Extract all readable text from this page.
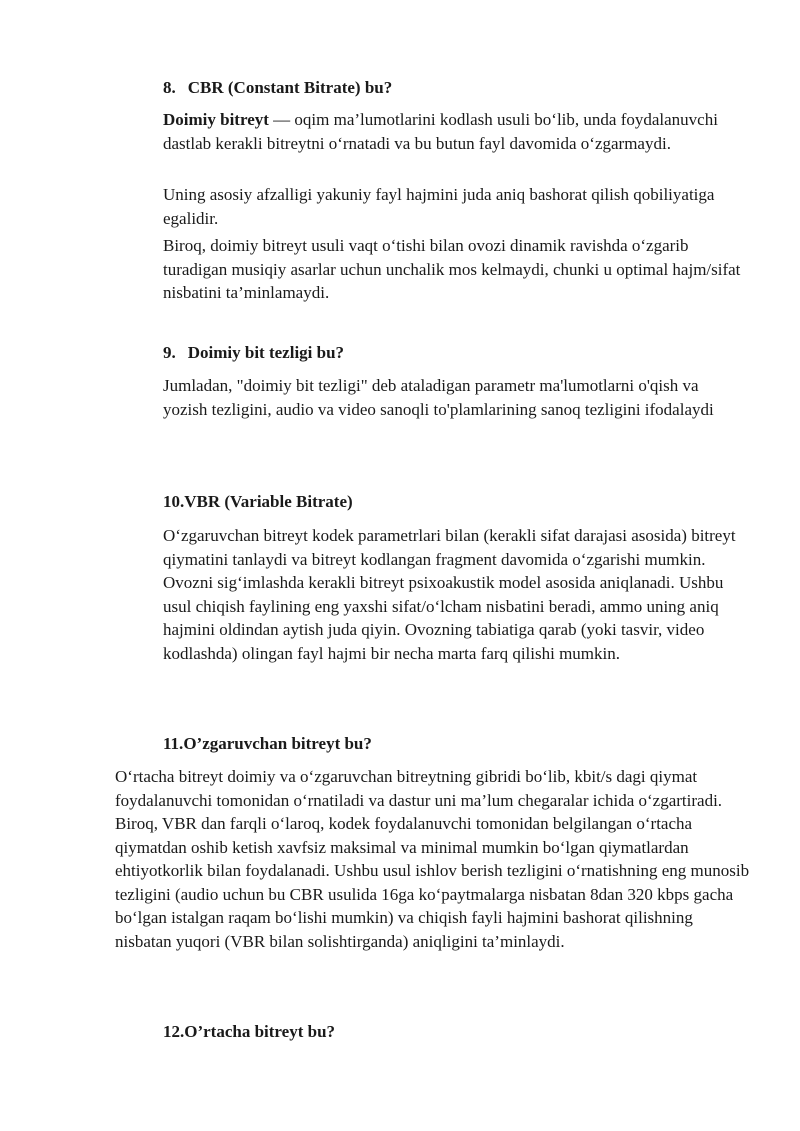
8. CBR (Constant Bitrate) bu?

Doimiy bitreyt — oqim ma’lumotlarini kodlash usuli bo‘lib, unda foydalanuvchi dastlab kerakli bitreytni o‘rnatadi va bu butun fayl davomida o‘zgarmaydi.

Uning asosiy afzalligi yakuniy fayl hajmini juda aniq bashorat qilish qobiliyatiga egalidir.

Biroq, doimiy bitreyt usuli vaqt o‘tishi bilan ovozi dinamik ravishda o‘zgarib turadigan musiqiy asarlar uchun unchalik mos kelmaydi, chunki u optimal hajm/sifat nisbatini ta’minlamaydi.

9. Doimiy bit tezligi bu?

Jumladan, "doimiy bit tezligi" deb ataladigan parametr ma'lumotlarni o'qish va yozish tezligini, audio va video sanoqli to'plamlarining sanoq tezligini ifodalaydi

10.VBR (Variable Bitrate)

O‘zgaruvchan bitreyt kodek parametrlari bilan (kerakli sifat darajasi asosida) bitreyt qiymatini tanlaydi va bitreyt kodlangan fragment davomida o‘zgarishi mumkin. Ovozni sig‘imlashda kerakli bitreyt psixoakustik model asosida aniqlanadi. Ushbu usul chiqish faylining eng yaxshi sifat/o‘lcham nisbatini beradi, ammo uning aniq hajmini oldindan aytish juda qiyin. Ovozning tabiatiga qarab (yoki tasvir, video kodlashda) olingan fayl hajmi bir necha marta farq qilishi mumkin.

11.O’zgaruvchan bitreyt bu?

O‘rtacha bitreyt doimiy va o‘zgaruvchan bitreytning gibridi bo‘lib, kbit/s dagi qiymat foydalanuvchi tomonidan o‘rnatiladi va dastur uni ma’lum chegaralar ichida o‘zgartiradi. Biroq, VBR dan farqli o‘laroq, kodek foydalanuvchi tomonidan belgilangan o‘rtacha qiymatdan oshib ketish xavfsiz maksimal va minimal mumkin bo‘lgan qiymatlardan ehtiyotkorlik bilan foydalanadi. Ushbu usul ishlov berish tezligini o‘rnatishning eng munosib tezligini (audio uchun bu CBR usulida 16ga ko‘paytmalarga nisbatan 8dan 320 kbps gacha bo‘lgan istalgan raqam bo‘lishi mumkin) va chiqish fayli hajmini bashorat qilishning nisbatan yuqori (VBR bilan solishtirganda) aniqligini ta’minlaydi.

12.O’rtacha bitreyt bu?
